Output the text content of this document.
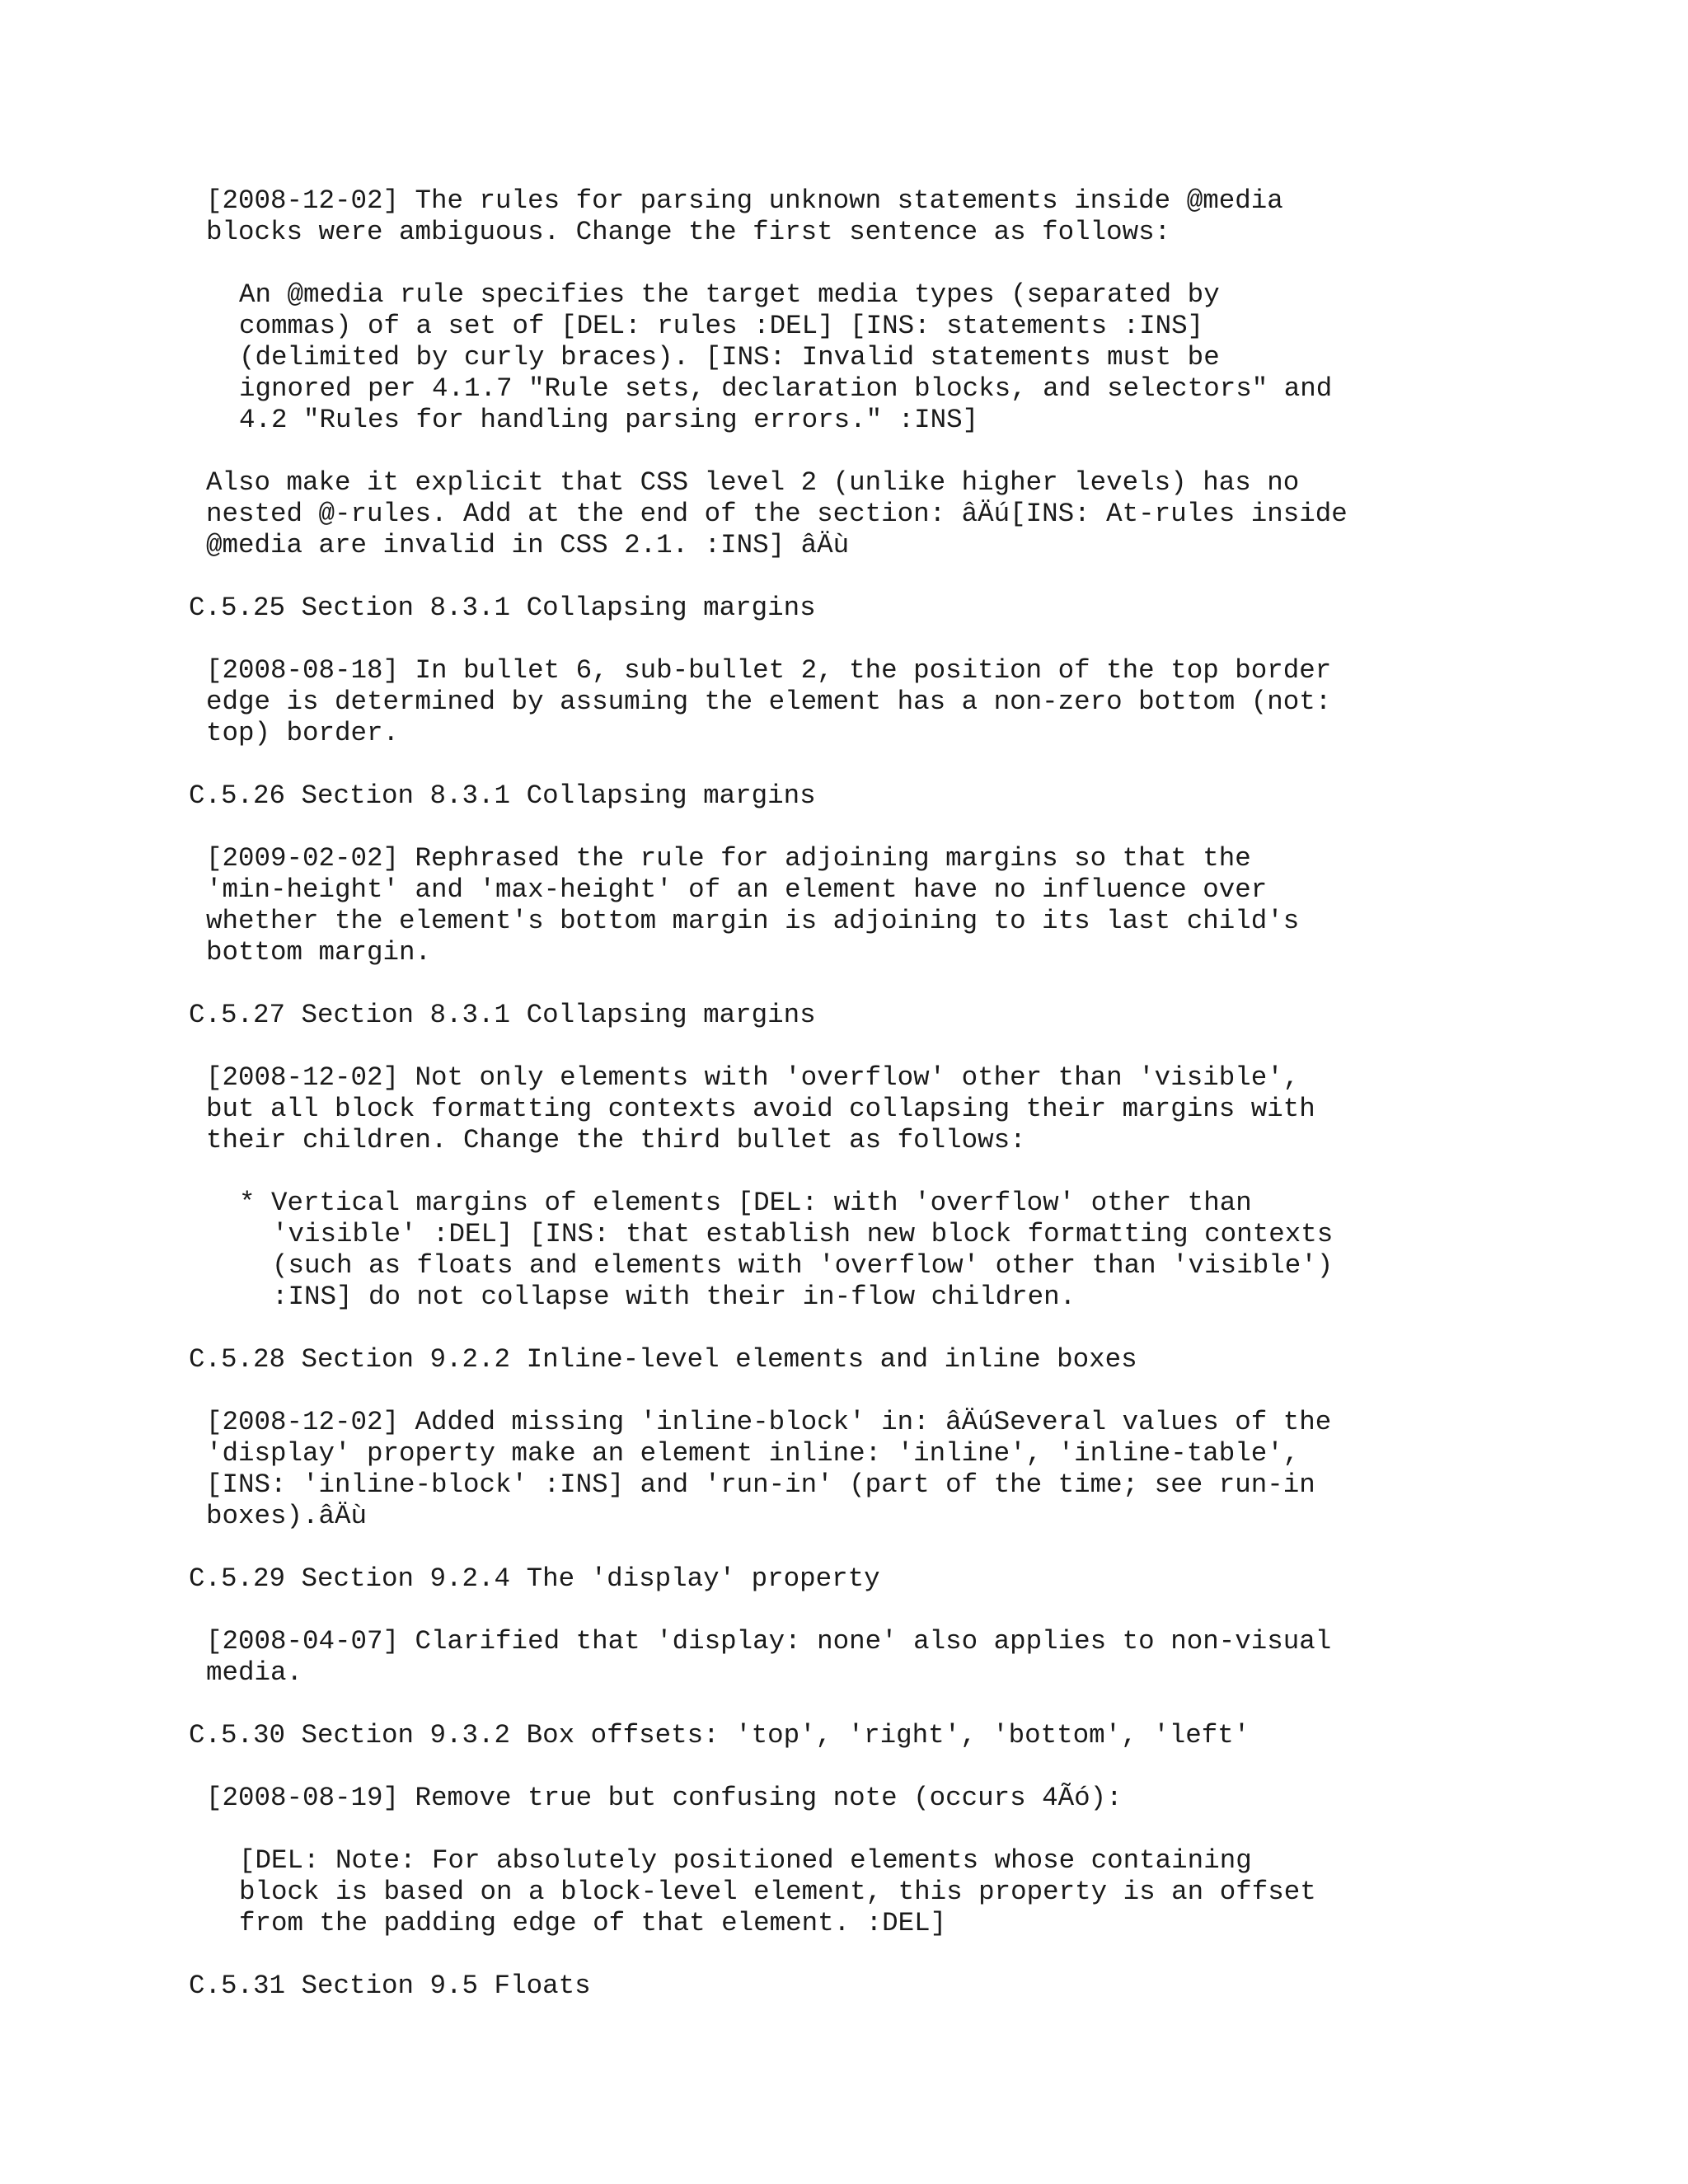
[2008-12-02] The rules for parsing unknown statements inside @media

blocks were ambiguous. Change the first sentence as follows:

An @media rule specifies the target media types (separated by

commas) of a set of [DEL: rules :DEL] [INS: statements :INS]

(delimited by curly braces). [INS: Invalid statements must be

ignored per 4.1.7 "Rule sets, declaration blocks, and selectors" and

4.2 "Rules for handling parsing errors." :INS]

Also make it explicit that CSS level 2 (unlike higher levels) has no

nested @-rules. Add at the end of the section: âÄú[INS: At-rules inside

@media are invalid in CSS 2.1. :INS] âÄù

C.5.25 Section 8.3.1 Collapsing margins

[2008-08-18] In bullet 6, sub-bullet 2, the position of the top border

edge is determined by assuming the element has a non-zero bottom (not:

top) border.

C.5.26 Section 8.3.1 Collapsing margins

[2009-02-02] Rephrased the rule for adjoining margins so that the

'min-height' and 'max-height' of an element have no influence over

whether the element's bottom margin is adjoining to its last child's

bottom margin.

C.5.27 Section 8.3.1 Collapsing margins

[2008-12-02] Not only elements with 'overflow' other than 'visible',

but all block formatting contexts avoid collapsing their margins with

their children. Change the third bullet as follows:

* Vertical margins of elements [DEL: with 'overflow' other than

'visible' :DEL] [INS: that establish new block formatting contexts

(such as floats and elements with 'overflow' other than 'visible')

:INS] do not collapse with their in-flow children.

C.5.28 Section 9.2.2 Inline-level elements and inline boxes

[2008-12-02] Added missing 'inline-block' in: âÄúSeveral values of the

'display' property make an element inline: 'inline', 'inline-table',

[INS: 'inline-block' :INS] and 'run-in' (part of the time; see run-in

boxes).âÄù

C.5.29 Section 9.2.4 The 'display' property

[2008-04-07] Clarified that 'display: none' also applies to non-visual

media.

C.5.30 Section 9.3.2 Box offsets: 'top', 'right', 'bottom', 'left'

[2008-08-19] Remove true but confusing note (occurs 4Ãó):

[DEL: Note: For absolutely positioned elements whose containing

block is based on a block-level element, this property is an offset

from the padding edge of that element. :DEL]

C.5.31 Section 9.5 Floats
